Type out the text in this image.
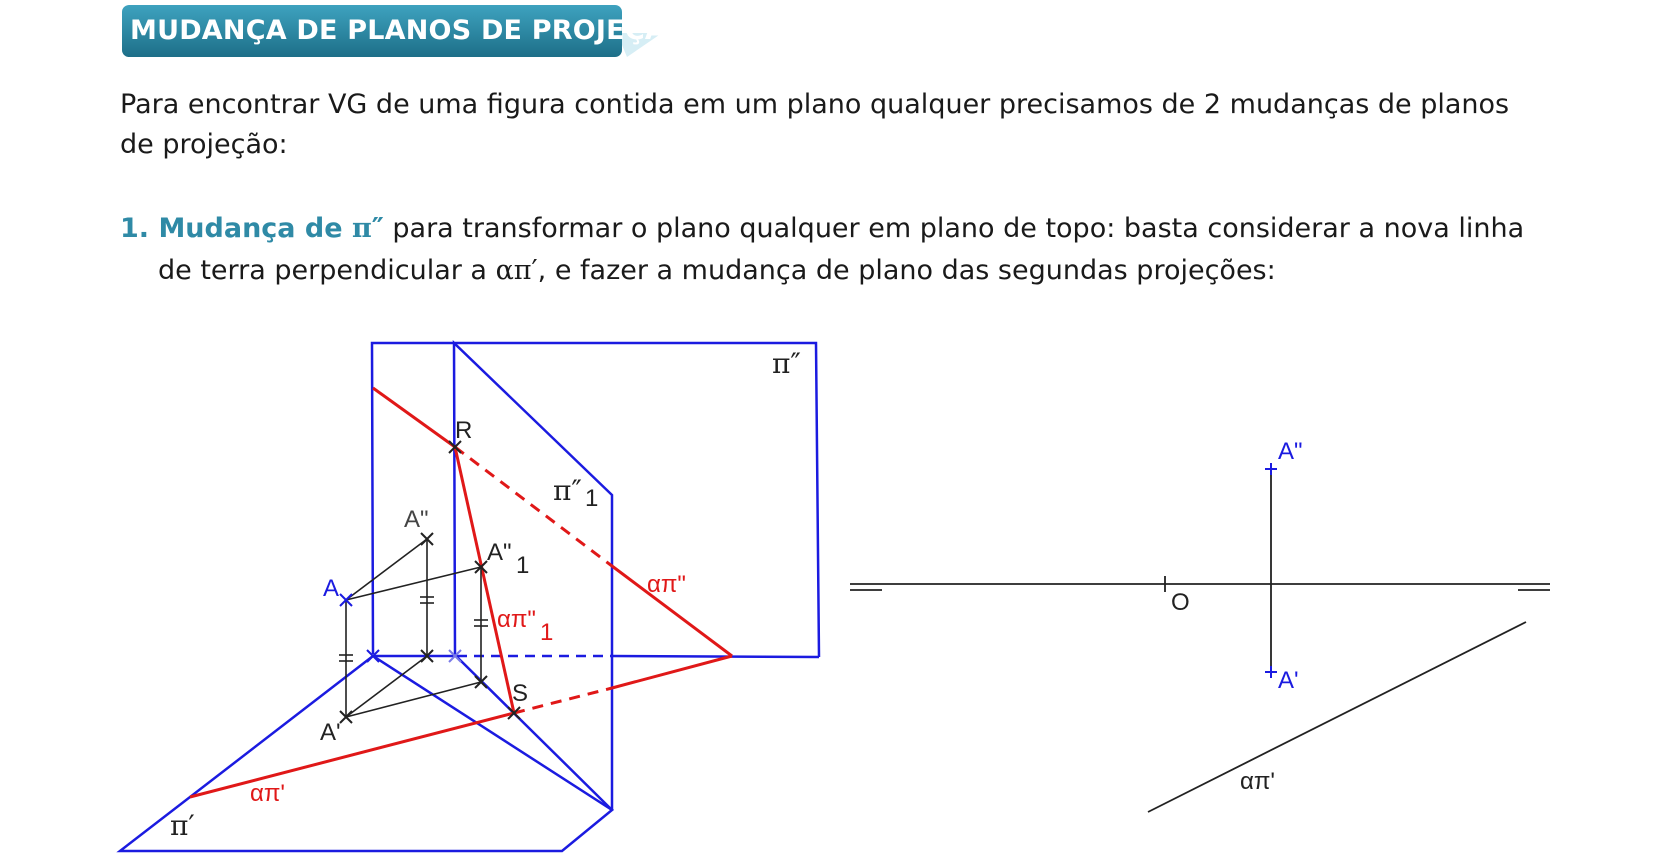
MUDANÇA DE PLANOS DE PROJEÇÃO
Para encontrar VG de uma figura contida em um plano qualquer precisamos de 2 mudanças de planos
de projeção:
1. Mudança de π″ para transformar o plano qualquer em plano de topo: basta considerar a nova linha
de terra perpendicular a απ′, e fazer a mudança de plano das segundas projeções:
π″
π″ 1
π′
R
S
A
A'
A"
A" 1
απ'
απ"
απ" 1
O
A"
A'
απ'
